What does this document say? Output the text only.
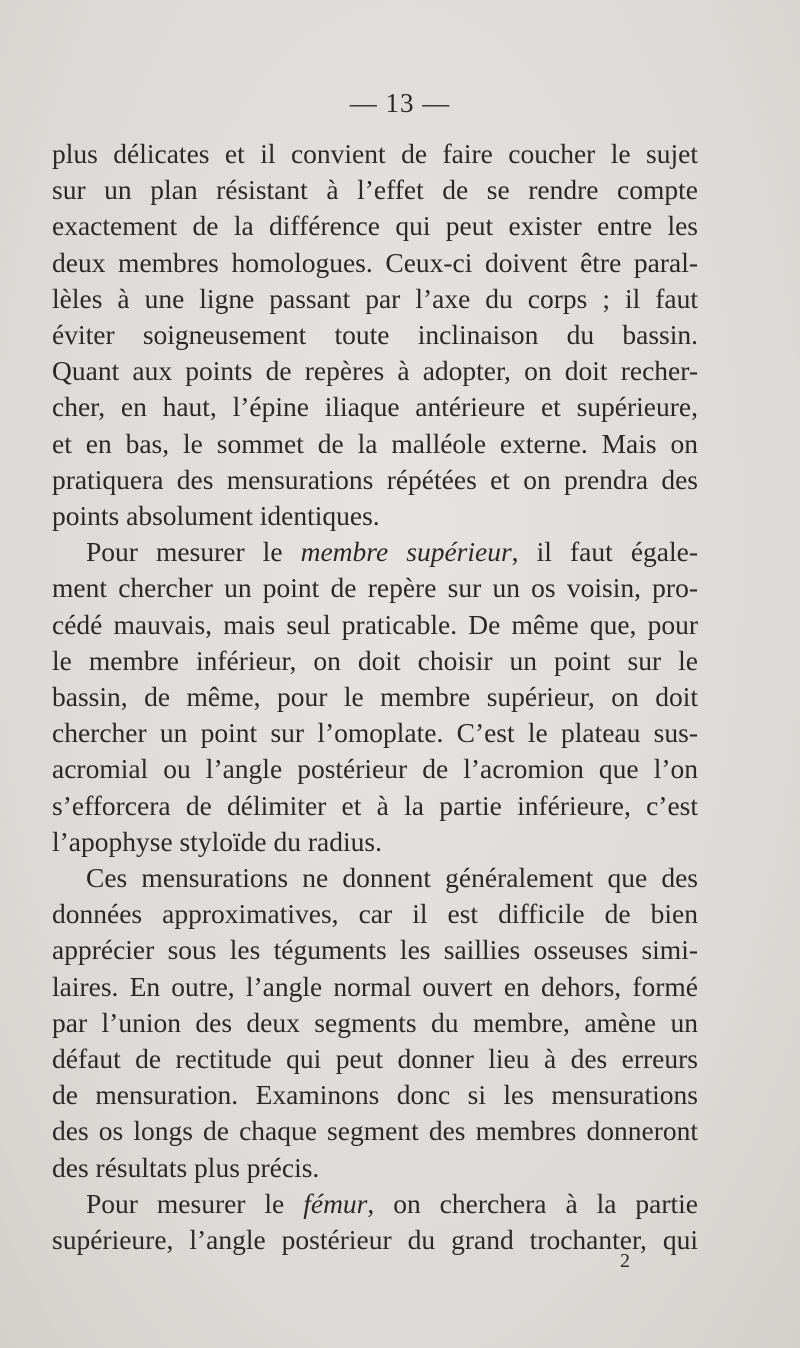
— 13 —
plus délicates et il convient de faire coucher le sujet
sur un plan résistant à l’effet de se rendre compte
exactement de la différence qui peut exister entre les
deux membres homologues. Ceux-ci doivent être paral-
lèles à une ligne passant par l’axe du corps ; il faut
éviter soigneusement toute inclinaison du bassin.
Quant aux points de repères à adopter, on doit recher-
cher, en haut, l’épine iliaque antérieure et supérieure,
et en bas, le sommet de la malléole externe. Mais on
pratiquera des mensurations répétées et on prendra des
points absolument identiques.
Pour mesurer le membre supérieur, il faut égale-
ment chercher un point de repère sur un os voisin, pro-
cédé mauvais, mais seul praticable. De même que, pour
le membre inférieur, on doit choisir un point sur le
bassin, de même, pour le membre supérieur, on doit
chercher un point sur l’omoplate. C’est le plateau sus-
acromial ou l’angle postérieur de l’acromion que l’on
s’efforcera de délimiter et à la partie inférieure, c’est
l’apophyse styloïde du radius.
Ces mensurations ne donnent généralement que des
données approximatives, car il est difficile de bien
apprécier sous les téguments les saillies osseuses simi-
laires. En outre, l’angle normal ouvert en dehors, formé
par l’union des deux segments du membre, amène un
défaut de rectitude qui peut donner lieu à des erreurs
de mensuration. Examinons donc si les mensurations
des os longs de chaque segment des membres donneront
des résultats plus précis.
Pour mesurer le fémur, on cherchera à la partie
supérieure, l’angle postérieur du grand trochanter, qui
2
